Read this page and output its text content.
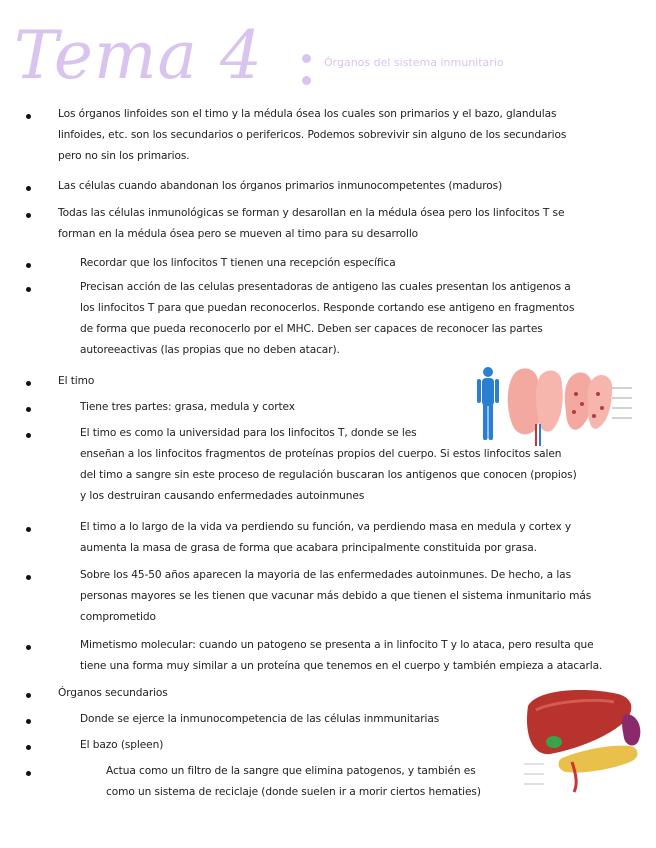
Tema 4	Órganos del sistema inmunitario
Los órganos linfoides son el timo y la médula ósea los cuales son primarios y el bazo, glandulas
linfoides, etc. son los secundarios o perifericos. Podemos sobrevivir sin alguno de los secundarios
pero no sin los primarios.
Las células cuando abandonan los órganos primarios inmunocompetentes (maduros)
Todas las células inmunológicas se forman y desarollan en la médula ósea pero los linfocitos T se
forman en la médula ósea pero se mueven al timo para su desarrollo
Recordar que los linfocitos T tienen una recepción específica
Precisan acción de las celulas presentadoras de antigeno las cuales presentan los antigenos a
los linfocitos T para que puedan reconocerlos. Responde cortando ese antigeno en fragmentos
de forma que pueda reconocerlo por el MHC. Deben ser capaces de reconocer las partes
autoreeactivas (las propias que no deben atacar).
El timo
Tiene tres partes: grasa, medula y cortex
El timo es como la universidad para los linfocitos T, donde se les
enseñan a los linfocitos fragmentos de proteínas propios del cuerpo. Si estos linfocitos salen
del timo a sangre sin este proceso de regulación buscaran los antigenos que conocen (propios)
y los destruiran causando enfermedades autoinmunes
El timo a lo largo de la vida va perdiendo su función, va perdiendo masa en medula y cortex y
aumenta la masa de grasa de forma que acabara principalmente constituida por grasa.
Sobre los 45-50 años aparecen la mayoria de las enfermedades autoinmunes. De hecho, a las
personas mayores se les tienen que vacunar más debido a que tienen el sistema inmunitario más
comprometido
Mimetismo molecular: cuando un patogeno se presenta a in linfocito T y lo ataca, pero resulta que
tiene una forma muy similar a un proteína que tenemos en el cuerpo y también empieza a atacarla.
Órganos secundarios
Donde se ejerce la inmunocompetencia de las células inmmunitarias
El bazo (spleen)
Actua como un filtro de la sangre que elimina patogenos, y también es
como un sistema de reciclaje (donde suelen ir a morir ciertos hematies)
